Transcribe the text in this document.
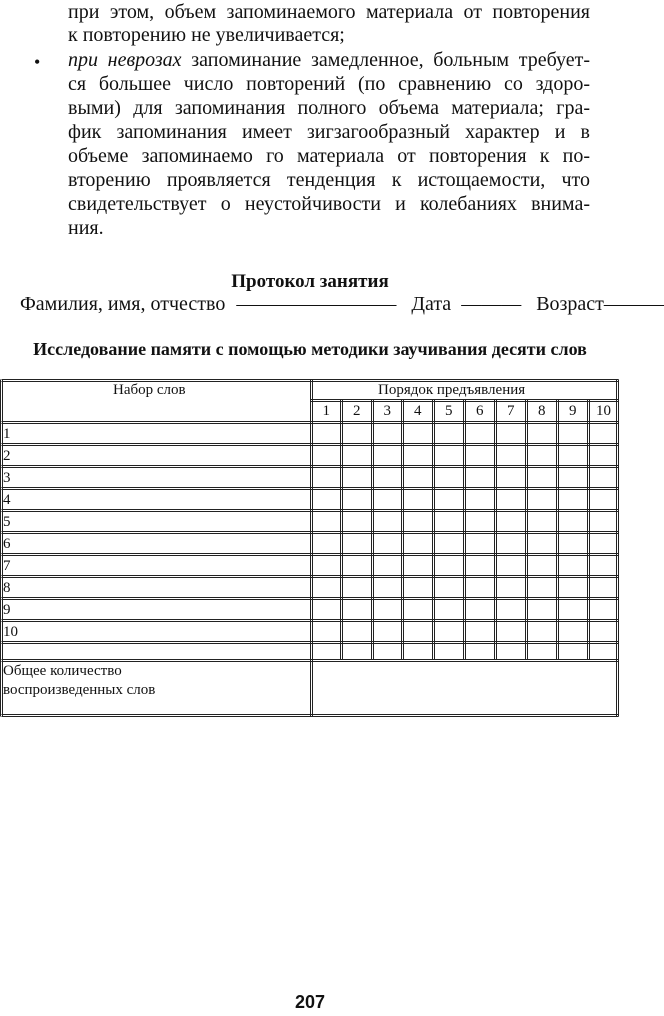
при этом, объем запоминаемого материала от повторения
к повторению не увеличивается;
• при неврозах запоминание замедленное, больным требует-
ся большее число повторений (по сравнению со здоро-
выми) для запоминания полного объема материала; гра-
фик запоминания имеет зигзагообразный характер и в
объеме запоминаемо го материала от повторения к по-
вторению проявляется тенденция к истощаемости, что
свидетельствует о неустойчивости и колебаниях внима-
ния.
Протокол занятия
Фамилия, имя, отчество ———————— Дата ——— Возраст———
Исследование памяти с помощью методики заучивания десяти слов
Набор слов	Порядок предъявления
Общее количество
воспроизведенных слов
1 2 3 4 5 6 7 8 9 10
1
2
3
4
5
6
7
8
9
10
207
